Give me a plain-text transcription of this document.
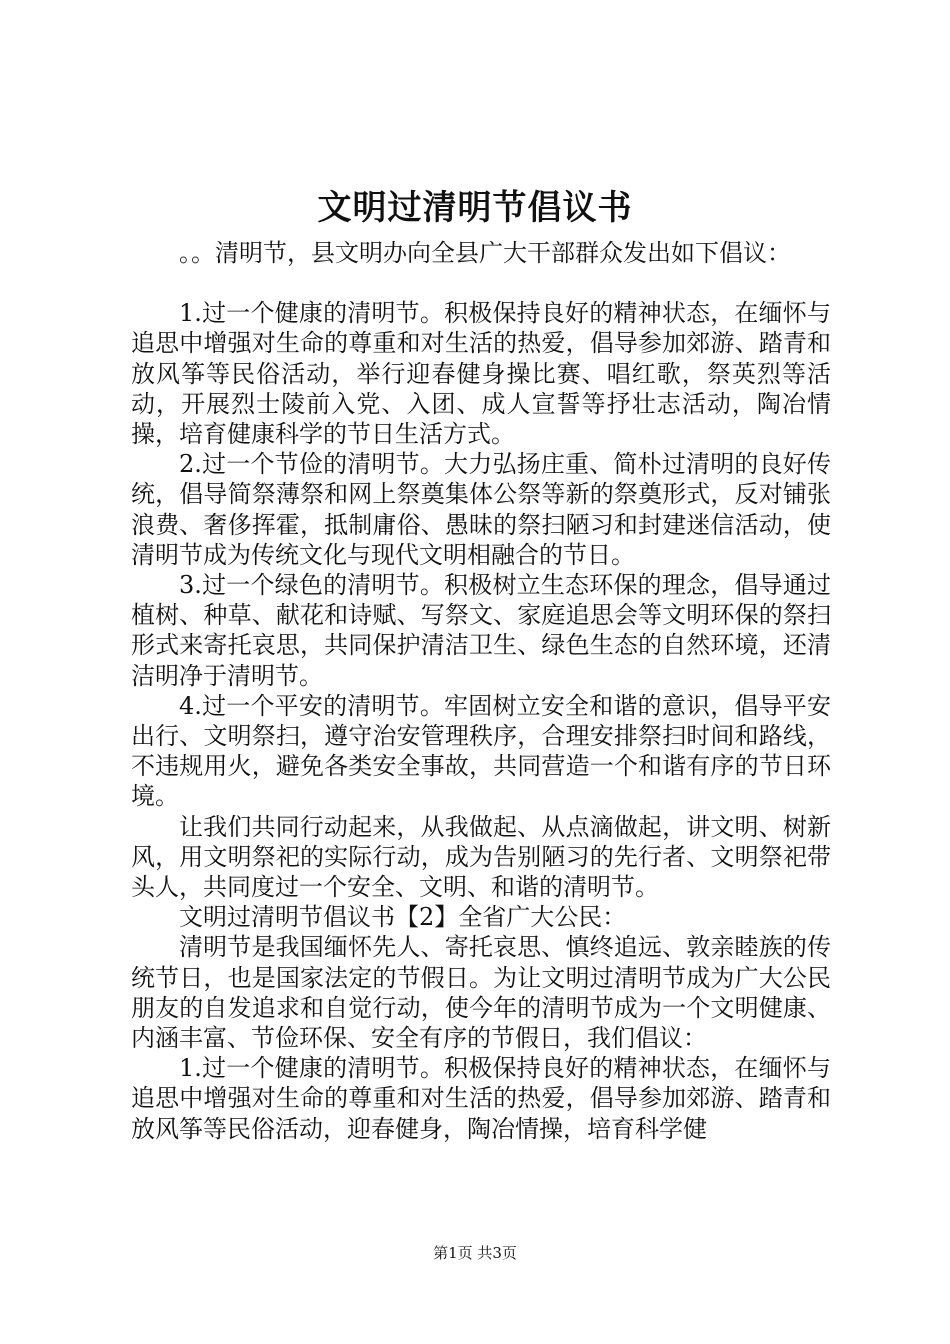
文明过清明节倡议书

。。清明节，县文明办向全县广大干部群众发出如下倡议：

1.过一个健康的清明节。积极保持良好的精神状态，在缅怀与追思中增强对生命的尊重和对生活的热爱，倡导参加郊游、踏青和放风筝等民俗活动，举行迎春健身操比赛、唱红歌，祭英烈等活动，开展烈士陵前入党、入团、成人宣誓等抒壮志活动，陶冶情操，培育健康科学的节日生活方式。

2.过一个节俭的清明节。大力弘扬庄重、简朴过清明的良好传统，倡导简祭薄祭和网上祭奠集体公祭等新的祭奠形式，反对铺张浪费、奢侈挥霍，抵制庸俗、愚昧的祭扫陋习和封建迷信活动，使清明节成为传统文化与现代文明相融合的节日。

3.过一个绿色的清明节。积极树立生态环保的理念，倡导通过植树、种草、献花和诗赋、写祭文、家庭追思会等文明环保的祭扫形式来寄托哀思，共同保护清洁卫生、绿色生态的自然环境，还清洁明净于清明节。

4.过一个平安的清明节。牢固树立安全和谐的意识，倡导平安出行、文明祭扫，遵守治安管理秩序，合理安排祭扫时间和路线，不违规用火，避免各类安全事故，共同营造一个和谐有序的节日环境。

让我们共同行动起来，从我做起、从点滴做起，讲文明、树新风，用文明祭祀的实际行动，成为告别陋习的先行者、文明祭祀带头人，共同度过一个安全、文明、和谐的清明节。

文明过清明节倡议书【2】全省广大公民：

清明节是我国缅怀先人、寄托哀思、慎终追远、敦亲睦族的传统节日，也是国家法定的节假日。为让文明过清明节成为广大公民朋友的自发追求和自觉行动，使今年的清明节成为一个文明健康、内涵丰富、节俭环保、安全有序的节假日，我们倡议：

1.过一个健康的清明节。积极保持良好的精神状态，在缅怀与追思中增强对生命的尊重和对生活的热爱，倡导参加郊游、踏青和放风筝等民俗活动，迎春健身，陶冶情操，培育科学健

第1页 共3页
